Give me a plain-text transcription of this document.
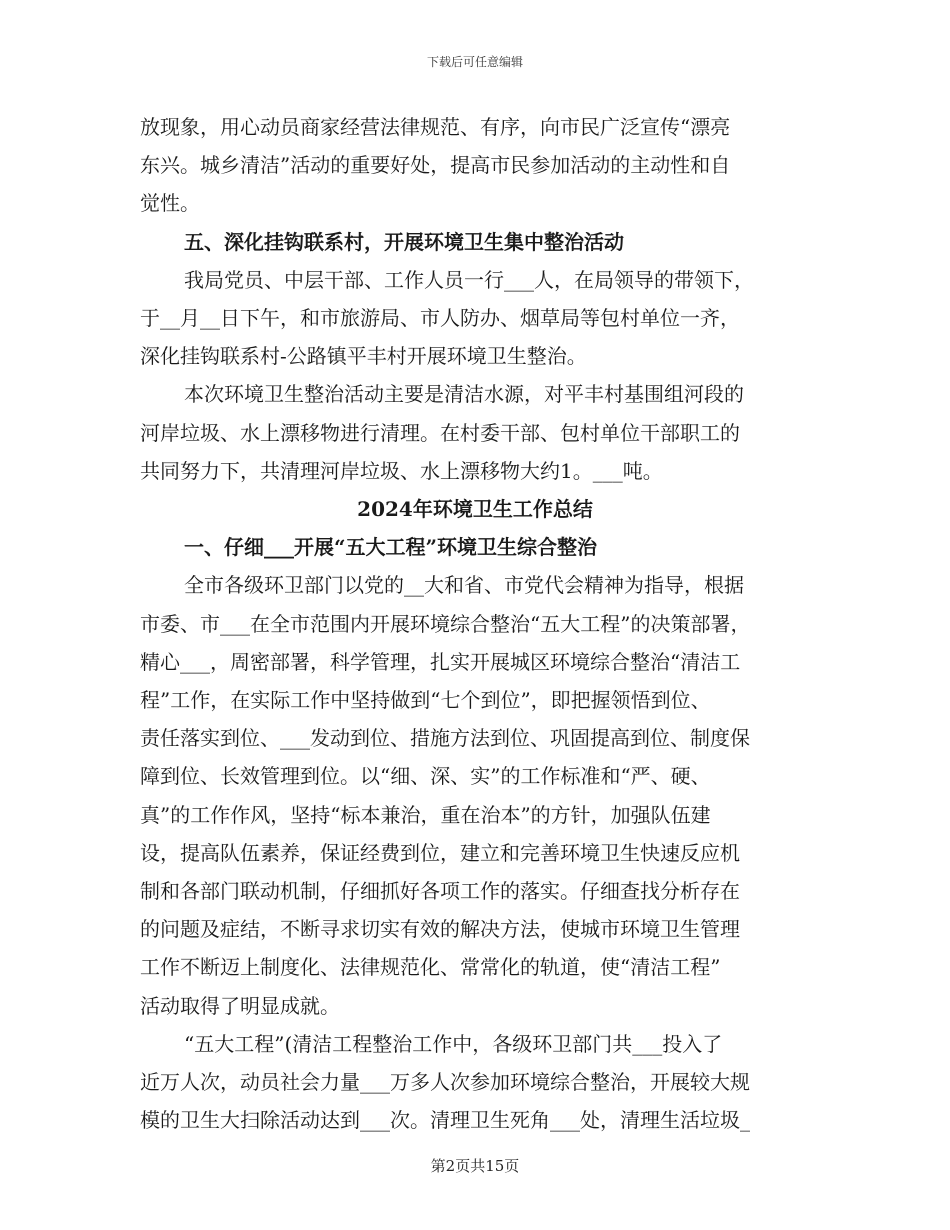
下载后可任意编辑

放现象，用心动员商家经营法律规范、有序，向市民广泛宣传“漂亮

东兴。城乡清洁”活动的重要好处，提高市民参加活动的主动性和自

觉性。

五、深化挂钩联系村，开展环境卫生集中整治活动

我局党员、中层干部、工作人员一行___人，在局领导的带领下，

于__月__日下午，和市旅游局、市人防办、烟草局等包村单位一齐，

深化挂钩联系村-公路镇平丰村开展环境卫生整治。

本次环境卫生整治活动主要是清洁水源，对平丰村基围组河段的

河岸垃圾、水上漂移物进行清理。在村委干部、包村单位干部职工的

共同努力下，共清理河岸垃圾、水上漂移物大约1。___吨。

2024年环境卫生工作总结

一、仔细___开展“五大工程”环境卫生综合整治

全市各级环卫部门以党的__大和省、市党代会精神为指导，根据

市委、市___在全市范围内开展环境综合整治“五大工程”的决策部署，

精心___，周密部署，科学管理，扎实开展城区环境综合整治“清洁工

程”工作，在实际工作中坚持做到“七个到位”，即把握领悟到位、

责任落实到位、___发动到位、措施方法到位、巩固提高到位、制度保

障到位、长效管理到位。以“细、深、实”的工作标准和“严、硬、

真”的工作作风，坚持“标本兼治，重在治本”的方针，加强队伍建

设，提高队伍素养，保证经费到位，建立和完善环境卫生快速反应机

制和各部门联动机制，仔细抓好各项工作的落实。仔细查找分析存在

的问题及症结，不断寻求切实有效的解决方法，使城市环境卫生管理

工作不断迈上制度化、法律规范化、常常化的轨道，使“清洁工程”

活动取得了明显成就。

“五大工程”(清洁工程整治工作中，各级环卫部门共___投入了

近万人次，动员社会力量___万多人次参加环境综合整治，开展较大规

模的卫生大扫除活动达到___次。清理卫生死角___处，清理生活垃圾_

第2页共15页
